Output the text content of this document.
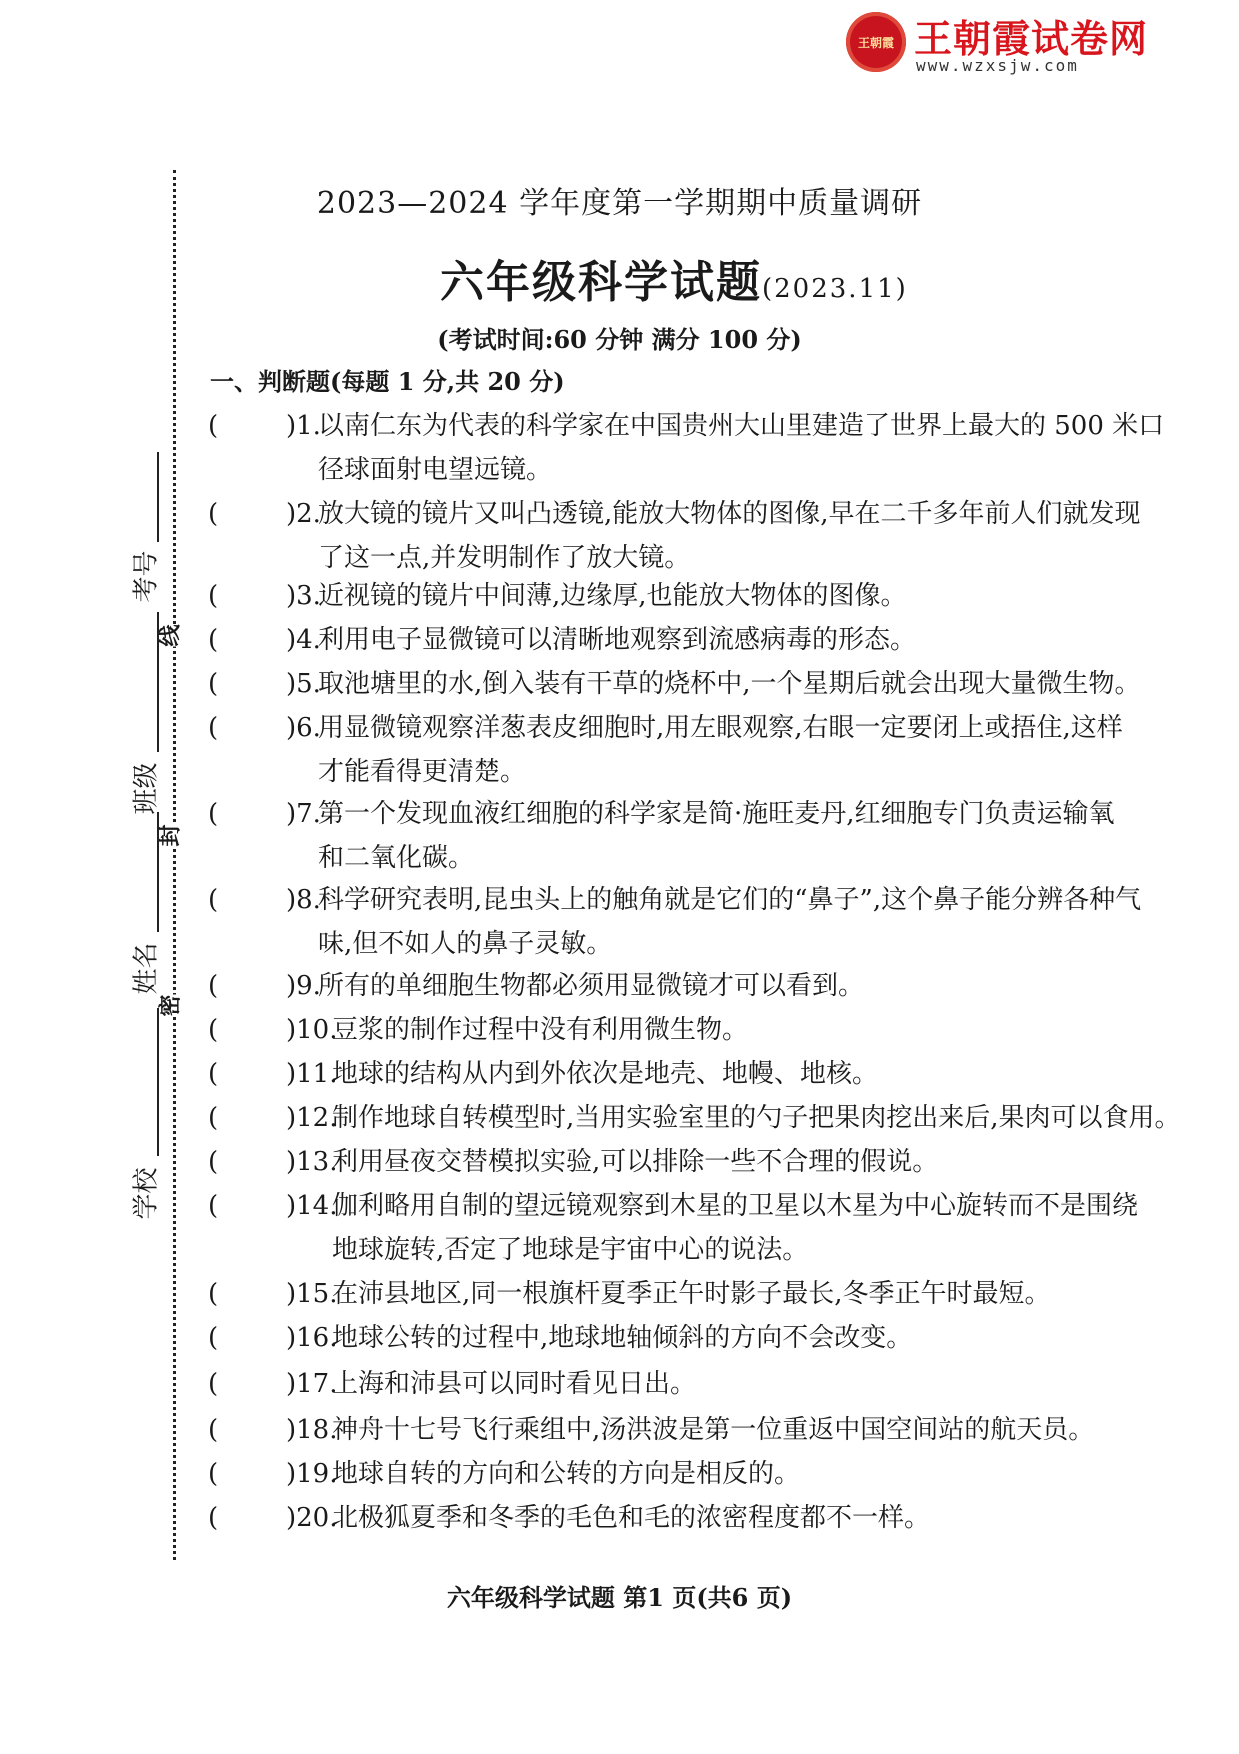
王朝霞 王朝霞试卷网
www.wzxsjw.com
线
封
密
考号
班级
姓名
学校
2023—2024 学年度第一学期期中质量调研
六年级科学试题(2023.11)
(考试时间:60 分钟 满分 100 分)
一、判断题(每题 1 分,共 20 分)
(	)1.
以南仁东为代表的科学家在中国贵州大山里建造了世界上最大的 500 米口
径球面射电望远镜。
(	)2.
放大镜的镜片又叫凸透镜,能放大物体的图像,早在二千多年前人们就发现
了这一点,并发明制作了放大镜。
(	)3.
近视镜的镜片中间薄,边缘厚,也能放大物体的图像。
(	)4.
利用电子显微镜可以清晰地观察到流感病毒的形态。
(	)5.
取池塘里的水,倒入装有干草的烧杯中,一个星期后就会出现大量微生物。
(	)6.
用显微镜观察洋葱表皮细胞时,用左眼观察,右眼一定要闭上或捂住,这样
才能看得更清楚。
(	)7.
第一个发现血液红细胞的科学家是简·施旺麦丹,红细胞专门负责运输氧
和二氧化碳。
(	)8.
科学研究表明,昆虫头上的触角就是它们的“鼻子”,这个鼻子能分辨各种气
味,但不如人的鼻子灵敏。
(	)9.
所有的单细胞生物都必须用显微镜才可以看到。
(	)10.
豆浆的制作过程中没有利用微生物。
(	)11.
地球的结构从内到外依次是地壳、地幔、地核。
(	)12.
制作地球自转模型时,当用实验室里的勺子把果肉挖出来后,果肉可以食用。
(	)13.
利用昼夜交替模拟实验,可以排除一些不合理的假说。
(	)14.
伽利略用自制的望远镜观察到木星的卫星以木星为中心旋转而不是围绕
地球旋转,否定了地球是宇宙中心的说法。
(	)15.
在沛县地区,同一根旗杆夏季正午时影子最长,冬季正午时最短。
(	)16.
地球公转的过程中,地球地轴倾斜的方向不会改变。
(	)17.
上海和沛县可以同时看见日出。
(	)18.
神舟十七号飞行乘组中,汤洪波是第一位重返中国空间站的航天员。
(	)19.
地球自转的方向和公转的方向是相反的。
(	)20.
北极狐夏季和冬季的毛色和毛的浓密程度都不一样。
六年级科学试题 第1 页(共6 页)
